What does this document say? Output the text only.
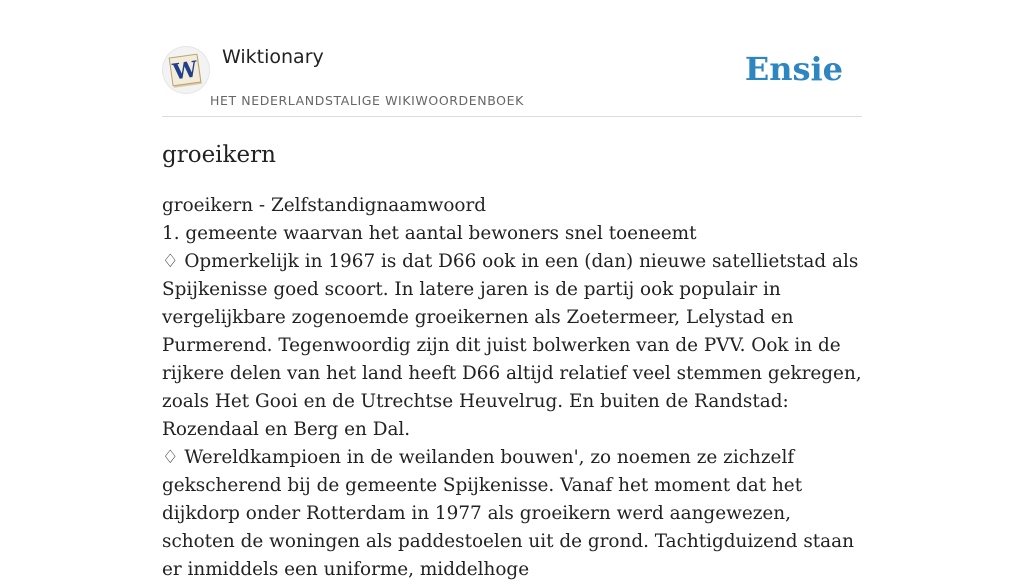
W Wiktionary
HET NEDERLANDSTALIGE WIKIWOORDENBOEK
Ensie
groeikern

groeikern - Zelfstandignaamwoord

1. gemeente waarvan het aantal bewoners snel toeneemt

♢ Opmerkelijk in 1967 is dat D66 ook in een (dan) nieuwe satellietstad als Spijkenisse goed scoort. In latere jaren is de partij ook populair in vergelijkbare zogenoemde groeikernen als Zoetermeer, Lelystad en Purmerend. Tegenwoordig zijn dit juist bolwerken van de PVV. Ook in de rijkere delen van het land heeft D66 altijd relatief veel stemmen gekregen, zoals Het Gooi en de Utrechtse Heuvelrug. En buiten de Randstad: Rozendaal en Berg en Dal.

♢ Wereldkampioen in de weilanden bouwen', zo noemen ze zichzelf gekscherend bij de gemeente Spijkenisse. Vanaf het moment dat het dijkdorp onder Rotterdam in 1977 als groeikern werd aangewezen, schoten de woningen als paddestoelen uit de grond. Tachtigduizend staan er inmiddels een uniforme, middelhoge
